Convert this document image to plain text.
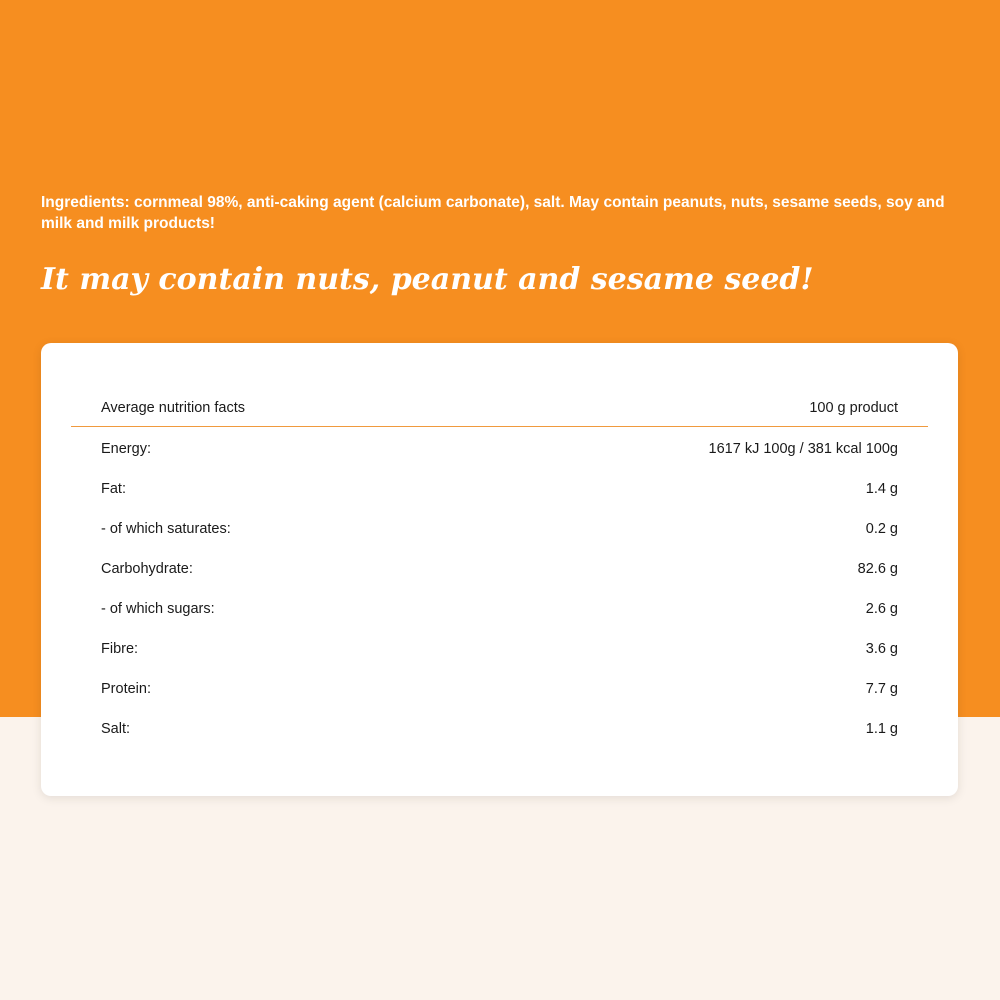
Ingredients: cornmeal 98%, anti-caking agent (calcium carbonate), salt. May contain peanuts, nuts, sesame seeds, soy and milk and milk products!

It may contain nuts, peanut and sesame seed!

Average nutrition facts	100 g product
Energy:	1617 kJ 100g / 381 kcal 100g
Fat:	1.4 g
- of which saturates:	0.2 g
Carbohydrate:	82.6 g
- of which sugars:	2.6 g
Fibre:	3.6 g
Protein:	7.7 g
Salt:	1.1 g
